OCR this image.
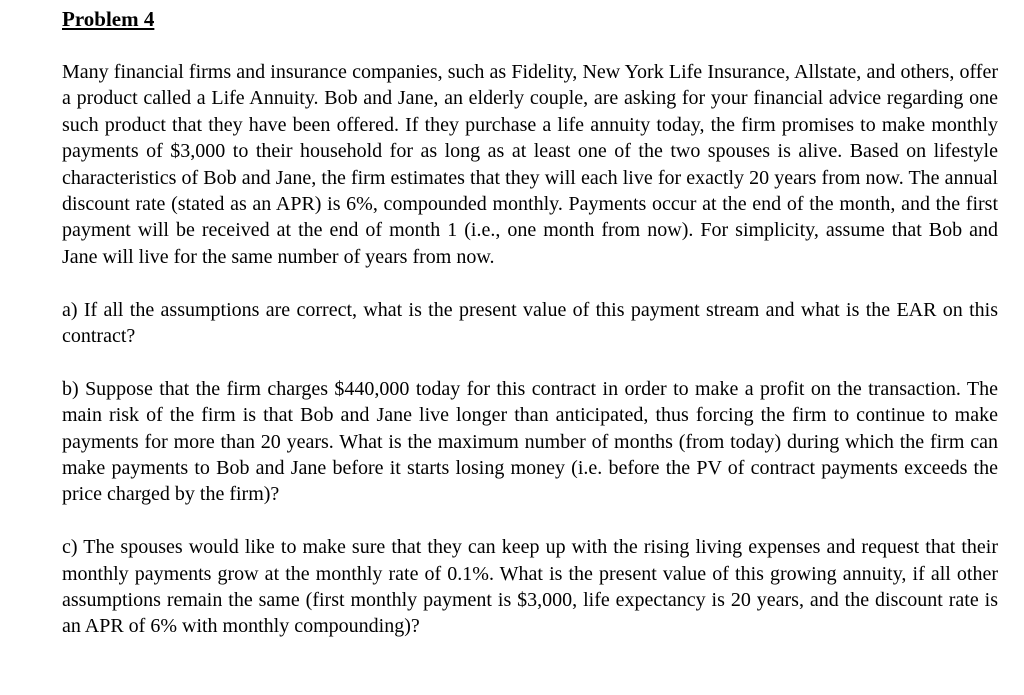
Problem 4

Many financial firms and insurance companies, such as Fidelity, New York Life Insurance, Allstate, and others, offer a product called a Life Annuity. Bob and Jane, an elderly couple, are asking for your financial advice regarding one such product that they have been offered. If they purchase a life annuity today, the firm promises to make monthly payments of $3,000 to their household for as long as at least one of the two spouses is alive. Based on lifestyle characteristics of Bob and Jane, the firm estimates that they will each live for exactly 20 years from now. The annual discount rate (stated as an APR) is 6%, compounded monthly. Payments occur at the end of the month, and the first payment will be received at the end of month 1 (i.e., one month from now). For simplicity, assume that Bob and Jane will live for the same number of years from now.

a) If all the assumptions are correct, what is the present value of this payment stream and what is the EAR on this contract?

b) Suppose that the firm charges $440,000 today for this contract in order to make a profit on the transaction. The main risk of the firm is that Bob and Jane live longer than anticipated, thus forcing the firm to continue to make payments for more than 20 years. What is the maximum number of months (from today) during which the firm can make payments to Bob and Jane before it starts losing money (i.e. before the PV of contract payments exceeds the price charged by the firm)?

c) The spouses would like to make sure that they can keep up with the rising living expenses and request that their monthly payments grow at the monthly rate of 0.1%. What is the present value of this growing annuity, if all other assumptions remain the same (first monthly payment is $3,000, life expectancy is 20 years, and the discount rate is an APR of 6% with monthly compounding)?
